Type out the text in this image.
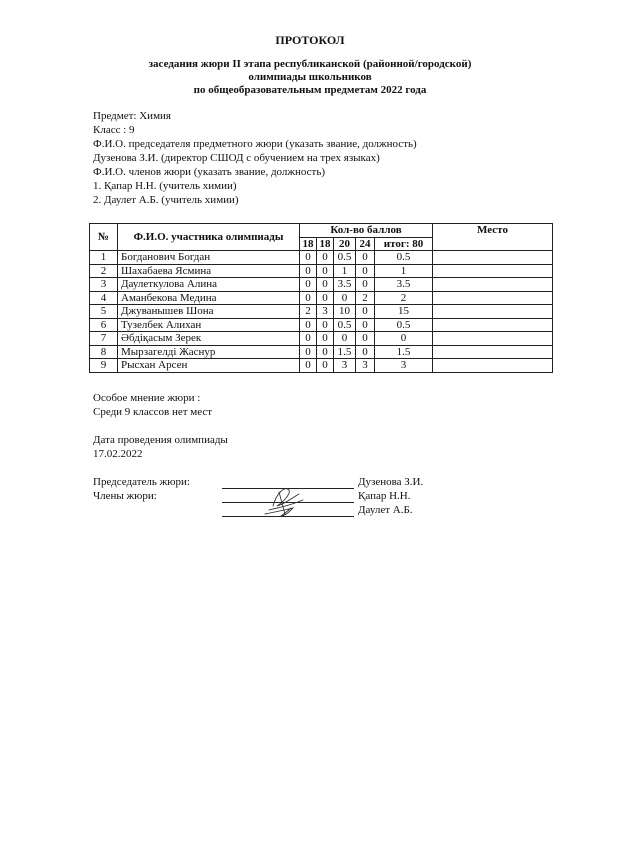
ПРОТОКОЛ
заседания жюри II этапа республиканской (районной/городской)
олимпиады школьников
по общеобразовательным предметам 2022 года
Предмет: Химия
Класс : 9
Ф.И.О. председателя предметного жюри (указать звание, должность)
Дузенова З.И. (директор СШОД с обучением на трех языках)
Ф.И.О. членов жюри (указать звание, должность)
1. Қапар Н.Н. (учитель химии)
2. Даулет А.Б. (учитель химии)
№	Ф.И.О. участника олимпиады	Кол-во баллов					Место
		18	18	20	24	итог: 80	
1	Богданович Богдан	0	0	0.5	0	0.5	
2	Шахабаева Ясмина	0	0	1	0	1	
3	Даулеткулова Алина	0	0	3.5	0	3.5	
4	Аманбекова Медина	0	0	0	2	2	
5	Джуванышев Шона	2	3	10	0	15	
6	Тузелбек Алихан	0	0	0.5	0	0.5	
7	Әбдіқасым Зерек	0	0	0	0	0	
8	Мырзагелді Жаснур	0	0	1.5	0	1.5	
9	Рысхан Арсен	0	0	3	3	3	
Особое мнение жюри :
Среди 9 классов нет мест
Дата проведения олимпиады
17.02.2022
Председатель жюри:
Члены жюри:
Дузенова З.И.
Қапар Н.Н.
Даулет А.Б.
